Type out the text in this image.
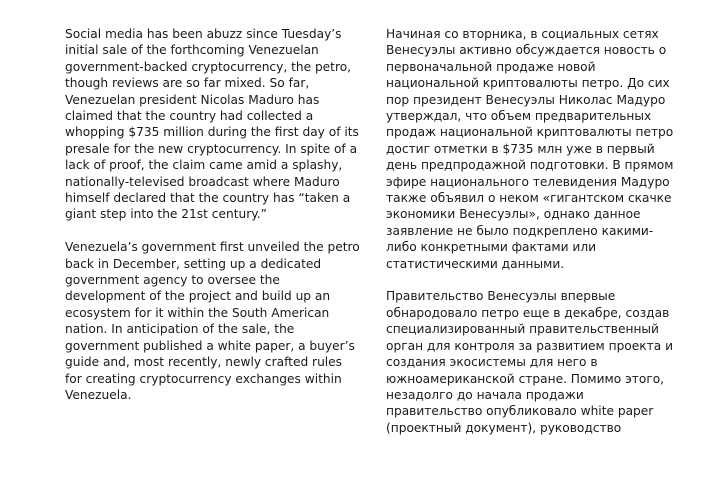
Social media has been abuzz since Tuesday’s

initial sale of the forthcoming Venezuelan

government-backed cryptocurrency, the petro,

though reviews are so far mixed. So far,

Venezuelan president Nicolas Maduro has

claimed that the country had collected a

whopping $735 million during the first day of its

presale for the new cryptocurrency. In spite of a

lack of proof, the claim came amid a splashy,

nationally-televised broadcast where Maduro

himself declared that the country has “taken a

giant step into the 21st century.”

Venezuela’s government first unveiled the petro

back in December, setting up a dedicated

government agency to oversee the

development of the project and build up an

ecosystem for it within the South American

nation. In anticipation of the sale, the

government published a white paper, a buyer’s

guide and, most recently, newly crafted rules

for creating cryptocurrency exchanges within

Venezuela.

Начиная со вторника, в социальных сетях

Венесуэлы активно обсуждается новость о

первоначальной продаже новой

национальной криптовалюты петро. До сих

пор президент Венесуэлы Николас Мадуро

утверждал, что объем предварительных

продаж национальной криптовалюты петро

достиг отметки в $735 млн уже в первый

день предпродажной подготовки. В прямом

эфире национального телевидения Мадуро

также объявил о неком «гигантском скачке

экономики Венесуэлы», однако данное

заявление не было подкреплено какими-

либо конкретными фактами или

статистическими данными.

Правительство Венесуэлы впервые

обнародовало петро еще в декабре, создав

специализированный правительственный

орган для контроля за развитием проекта и

создания экосистемы для него в

южноамериканской стране. Помимо этого,

незадолго до начала продажи

правительство опубликовало white paper

(проектный документ), руководство
